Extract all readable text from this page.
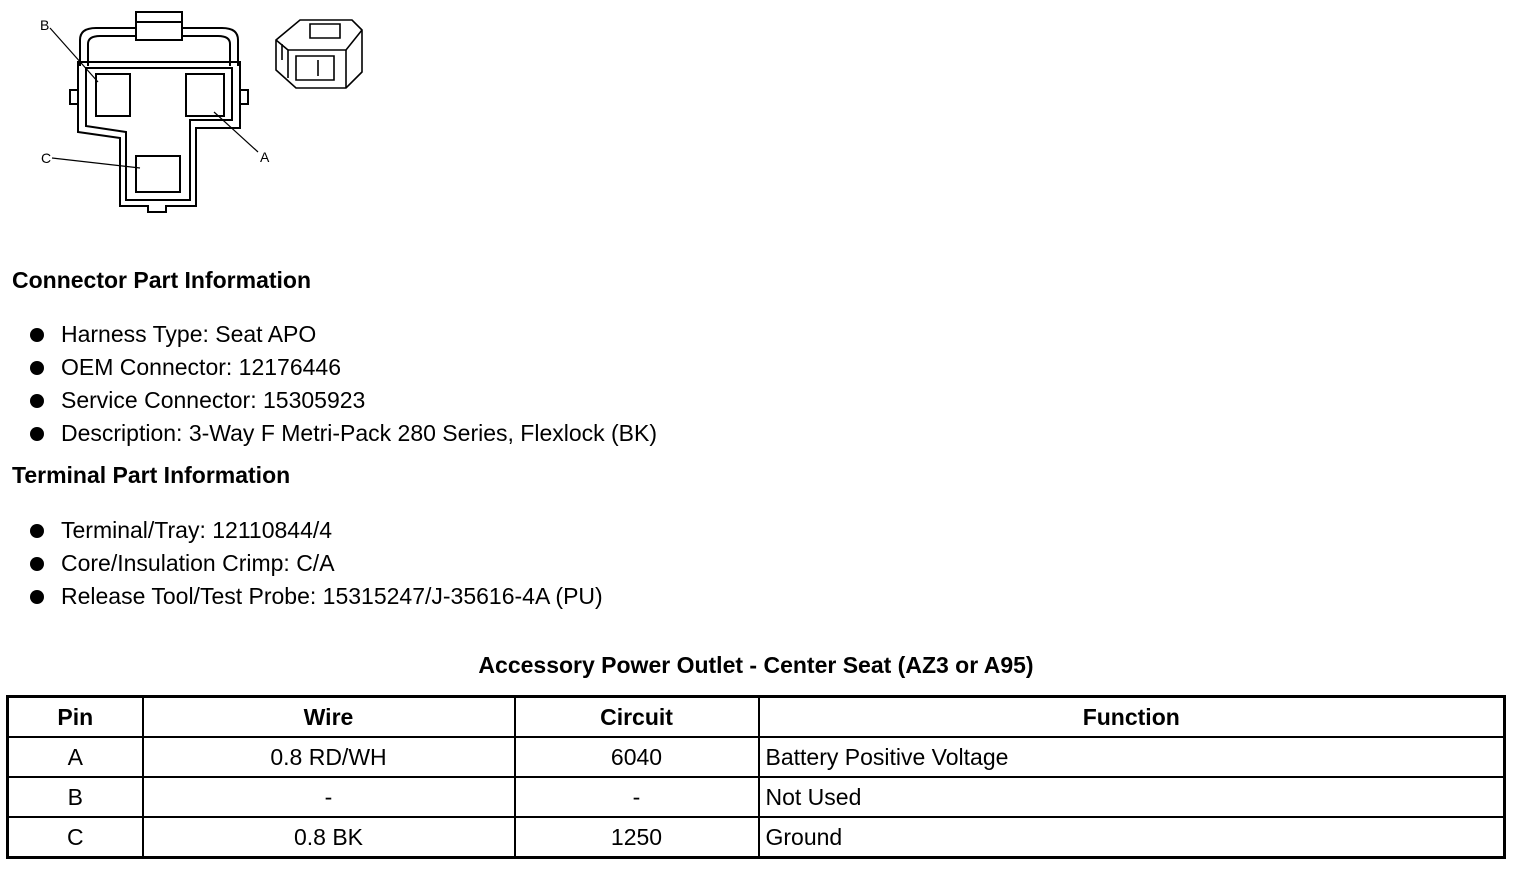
A
B
C
Connector Part Information
Harness Type: Seat APO
OEM Connector: 12176446
Service Connector: 15305923
Description: 3-Way F Metri-Pack 280 Series, Flexlock (BK)
Terminal Part Information
Terminal/Tray: 12110844/4
Core/Insulation Crimp: C/A
Release Tool/Test Probe: 15315247/J-35616-4A (PU)
Accessory Power Outlet - Center Seat (AZ3 or A95)
Pin	Wire	Circuit	Function
A	0.8 RD/WH	6040	Battery Positive Voltage
B	-	-	Not Used
C	0.8 BK	1250	Ground
